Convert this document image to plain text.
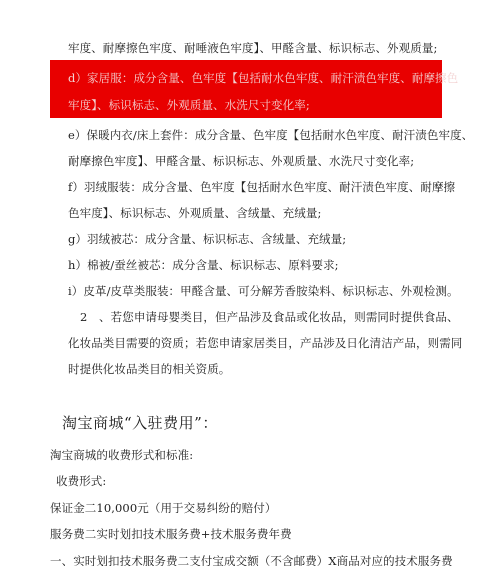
牢度、耐摩擦色牢度、耐唾液色牢度】、甲醛含量、标识标志、外观质量;
d）家居服：成分含量、色牢度【包括耐水色牢度、耐汗渍色牢度、耐摩擦色
牢度】、标识标志、外观质量、水洗尺寸变化率;
e）保暖内衣/床上套件：成分含量、色牢度【包括耐水色牢度、耐汗渍色牢度、
耐摩擦色牢度】、甲醛含量、标识标志、外观质量、水洗尺寸变化率;
f）羽绒服装：成分含量、色牢度【包括耐水色牢度、耐汗渍色牢度、耐摩擦
色牢度】、标识标志、外观质量、含绒量、充绒量;
g）羽绒被芯：成分含量、标识标志、含绒量、充绒量;
h）棉被/蚕丝被芯：成分含量、标识标志、原料要求;
i）皮革/皮草类服装：甲醛含量、可分解芳香胺染料、标识标志、外观检测。
2　、若您申请母婴类目，但产品涉及食品或化妆品，则需同时提供食品、
化妆品类目需要的资质；若您申请家居类目，产品涉及日化清洁产品，则需同
时提供化妆品类目的相关资质。
淘宝商城“入驻费用”：
淘宝商城的收费形式和标准:
收费形式:
保证金二10,000元（用于交易纠纷的赔付）
服务费二实时划扣技术服务费+技术服务费年费
一、实时划扣技术服务费二支付宝成交额（不含邮费）X商品对应的技术服务费
